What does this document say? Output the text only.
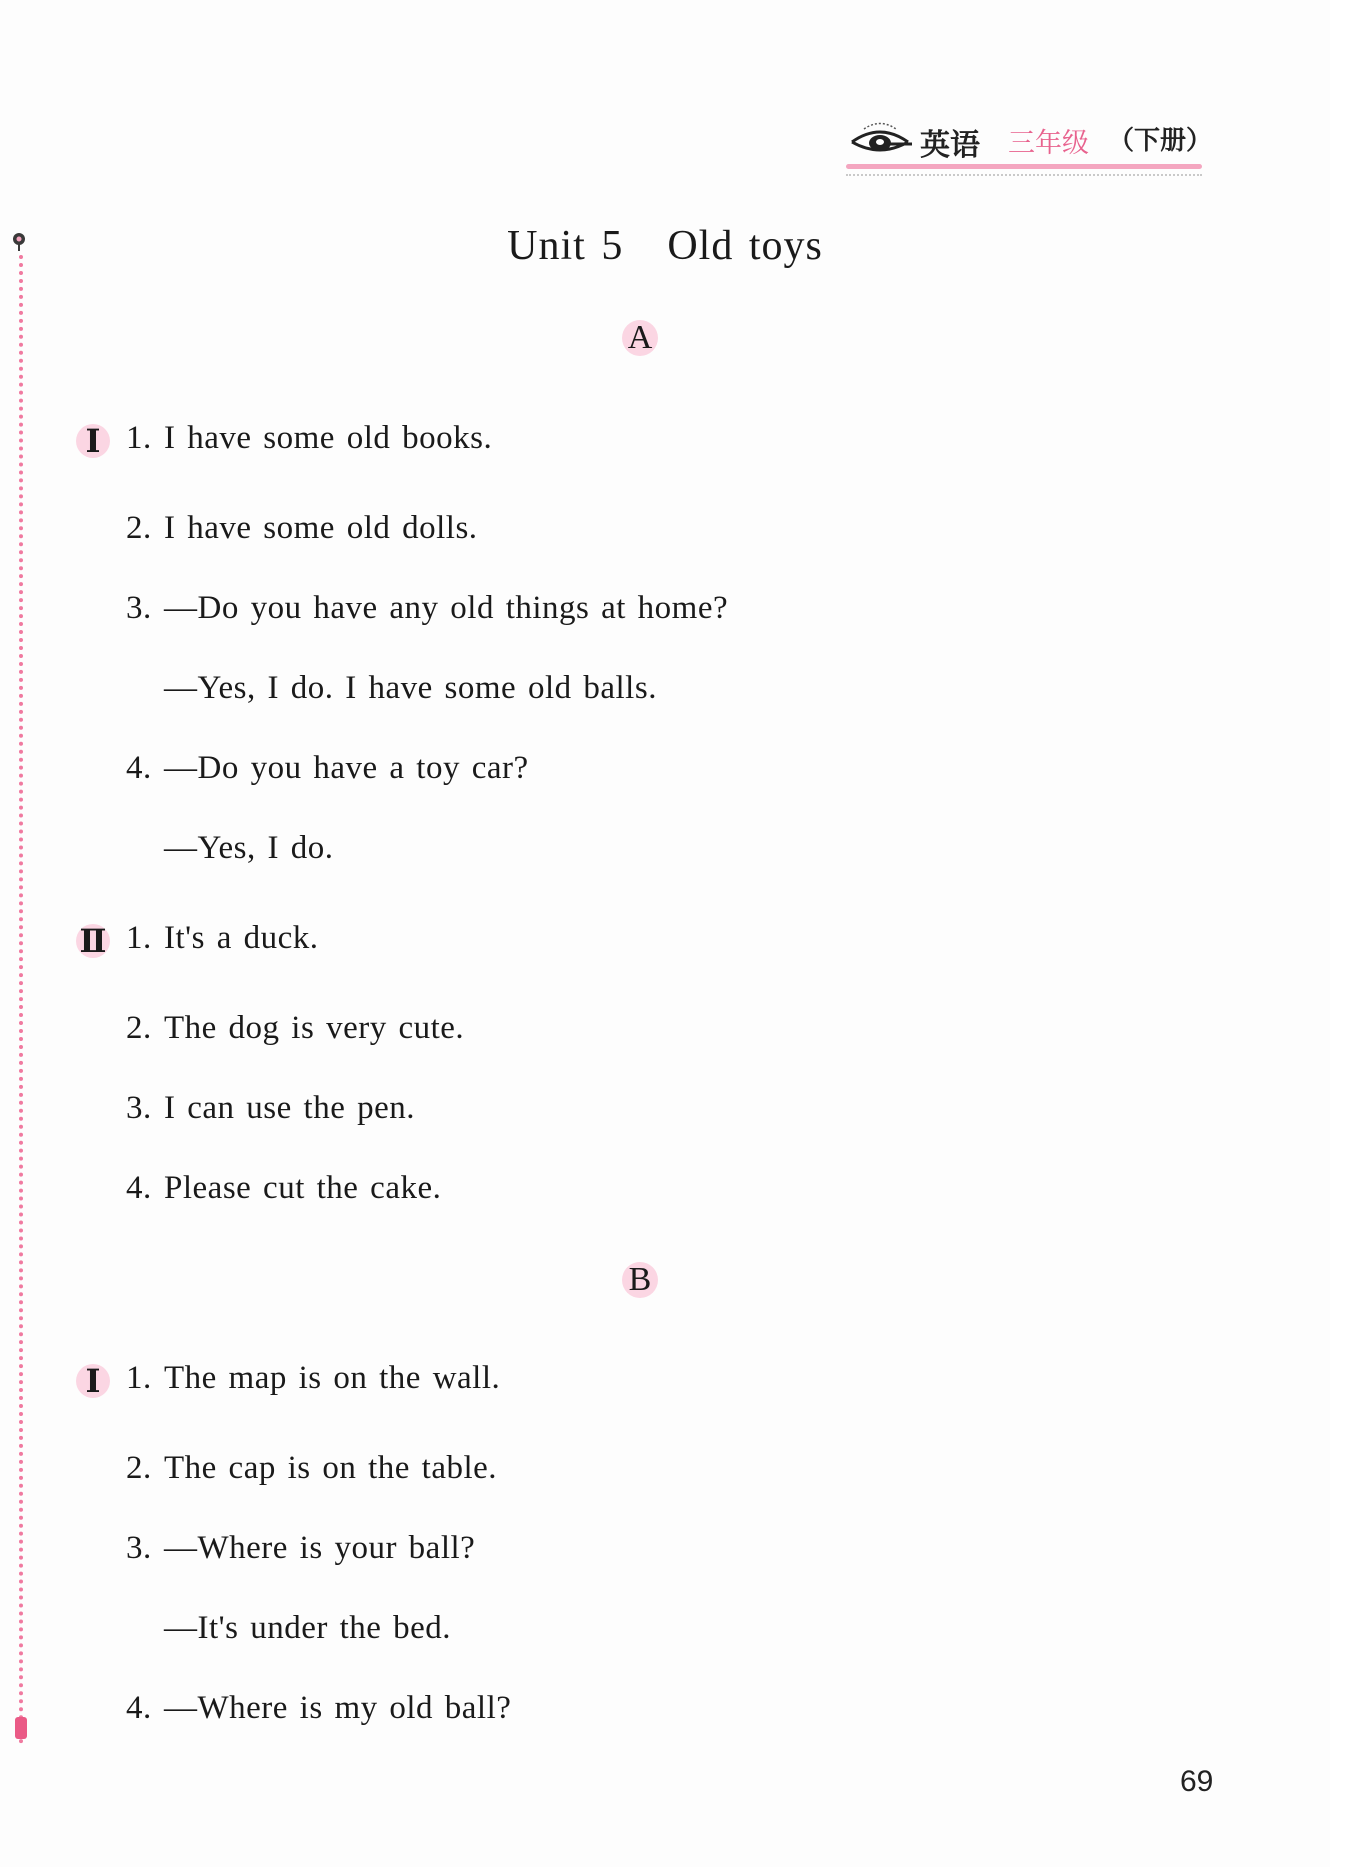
英语 三年级 （下册）
Unit 5 Old toys
A
Ⅰ 1. I have some old books.
2. I have some old dolls.
3. —Do you have any old things at home?
—Yes, I do. I have some old balls.
4. —Do you have a toy car?
—Yes, I do.
Ⅱ 1. It's a duck.
2. The dog is very cute.
3. I can use the pen.
4. Please cut the cake.
B
Ⅰ 1. The map is on the wall.
2. The cap is on the table.
3. —Where is your ball?
—It's under the bed.
4. —Where is my old ball?
69
